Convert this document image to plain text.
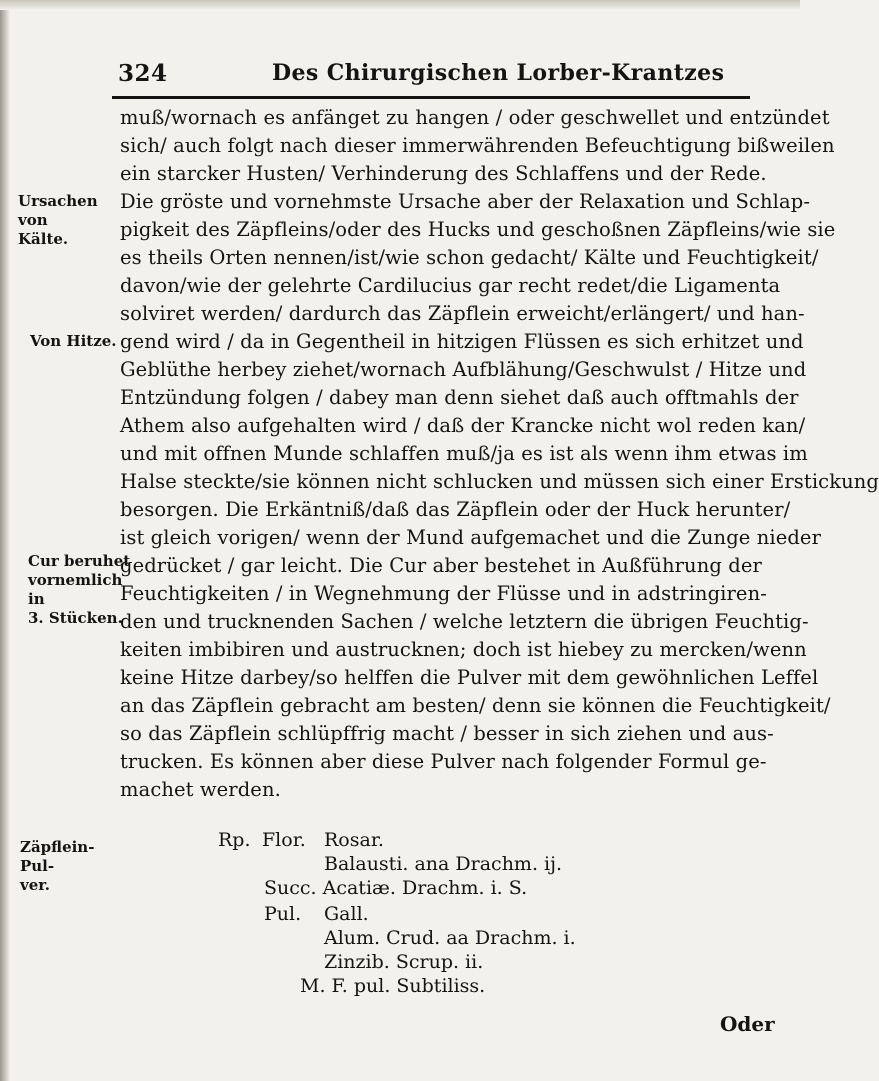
324	Des Chirurgischen Lorber-Krantzes
muß/wornach es anfänget zu hangen / oder geschwellet und entzündet
sich/ auch folgt nach dieser immerwährenden Befeuchtigung bißweilen
ein starcker Husten/ Verhinderung des Schlaffens und der Rede.
Die gröste und vornehmste Ursache aber der Relaxation und Schlap-
pigkeit des Zäpfleins/oder des Hucks und geschoßnen Zäpfleins/wie sie
es theils Orten nennen/ist/wie schon gedacht/ Kälte und Feuchtigkeit/
davon/wie der gelehrte Cardilucius gar recht redet/die Ligamenta
solviret werden/ dardurch das Zäpflein erweicht/erlängert/ und han-
gend wird / da in Gegentheil in hitzigen Flüssen es sich erhitzet und
Geblüthe herbey ziehet/wornach Aufblähung/Geschwulst / Hitze und
Entzündung folgen / dabey man denn siehet daß auch offtmahls der
Athem also aufgehalten wird / daß der Krancke nicht wol reden kan/
und mit offnen Munde schlaffen muß/ja es ist als wenn ihm etwas im
Halse steckte/sie können nicht schlucken und müssen sich einer Erstickung
besorgen. Die Erkäntniß/daß das Zäpflein oder der Huck herunter/
ist gleich vorigen/ wenn der Mund aufgemachet und die Zunge nieder
gedrücket / gar leicht. Die Cur aber bestehet in Außführung der
Feuchtigkeiten / in Wegnehmung der Flüsse und in adstringiren-
den und trucknenden Sachen / welche letztern die übrigen Feuchtig-
keiten imbibiren und austrucknen; doch ist hiebey zu mercken/wenn
keine Hitze darbey/so helffen die Pulver mit dem gewöhnlichen Leffel
an das Zäpflein gebracht am besten/ denn sie können die Feuchtigkeit/
so das Zäpflein schlüpffrig macht / besser in sich ziehen und aus-
trucken. Es können aber diese Pulver nach folgender Formul ge-
machet werden.
Ursachen von
Kälte.
Von Hitze.
Cur beruhet
vornemlich in
3. Stücken.
Zäpflein-Pul-
ver.
Rp. Flor. Rosar.
Balausti. ana Drachm. ij.
Succ. Acatiæ. Drachm. i. S.
Pul. Gall.
Alum. Crud. aa Drachm. i.
Zinzib. Scrup. ii.
M. F. pul. Subtiliss.
Oder
